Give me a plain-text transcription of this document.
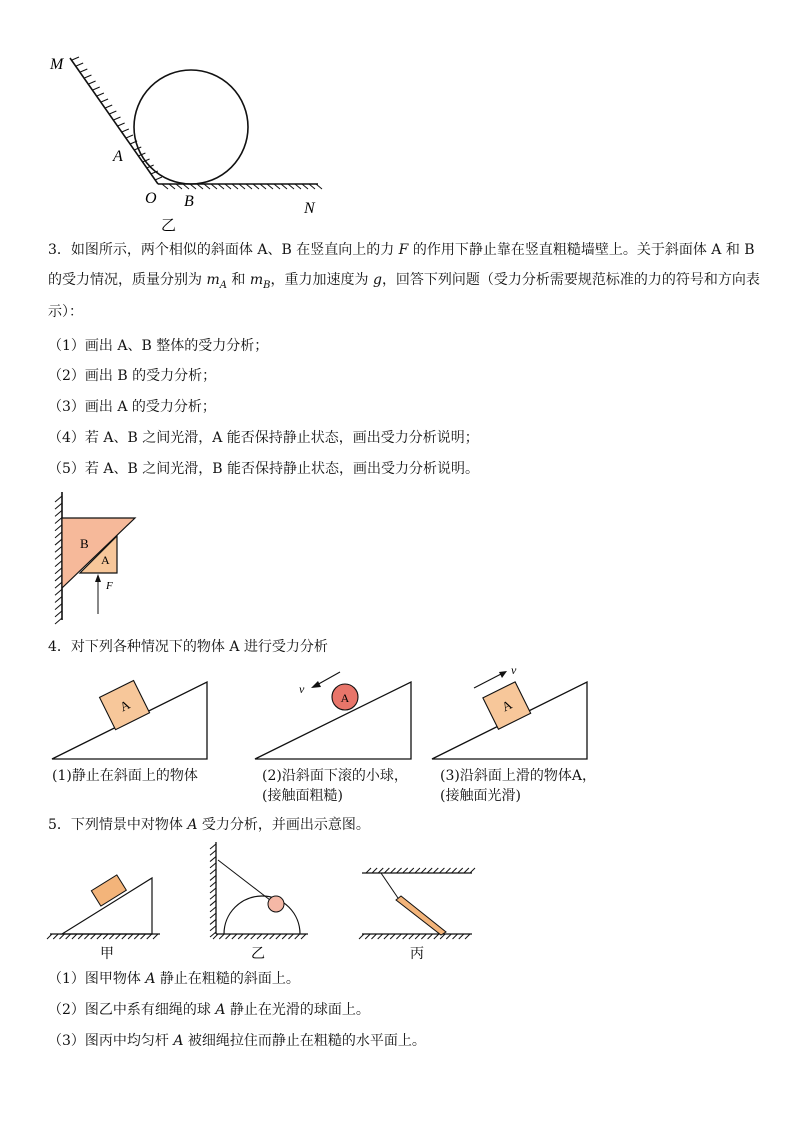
M
A
O B	N
乙
3．如图所示，两个相似的斜面体 A、B 在竖直向上的力 F 的作用下静止靠在竖直粗糙墙壁上。关于斜面体 A 和 B
的受力情况，质量分别为 $m_A$ 和 $m_B$，重力加速度为 g，回答下列问题（受力分析需要规范标准的力的符号和方向表
示）：
（1）画出 A、B 整体的受力分析；
（2）画出 B 的受力分析；
（3）画出 A 的受力分析；
（4）若 A、B 之间光滑，A 能否保持静止状态，画出受力分析说明；
（5）若 A、B 之间光滑，B 能否保持静止状态，画出受力分析说明。
B
A
F
4．对下列各种情况下的物体 A 进行受力分析
A	A
v
A
v
(1)静止在斜面上的物体	(2)沿斜面下滚的小球，
(接触面粗糙)
(3)沿斜面上滑的物体A，
(接触面光滑)
5．下列情景中对物体 A 受力分析，并画出示意图。
甲	乙	丙
（1）图甲物体 A 静止在粗糙的斜面上。
（2）图乙中系有细绳的球 A 静止在光滑的球面上。
（3）图丙中均匀杆 A 被细绳拉住而静止在粗糙的水平面上。
